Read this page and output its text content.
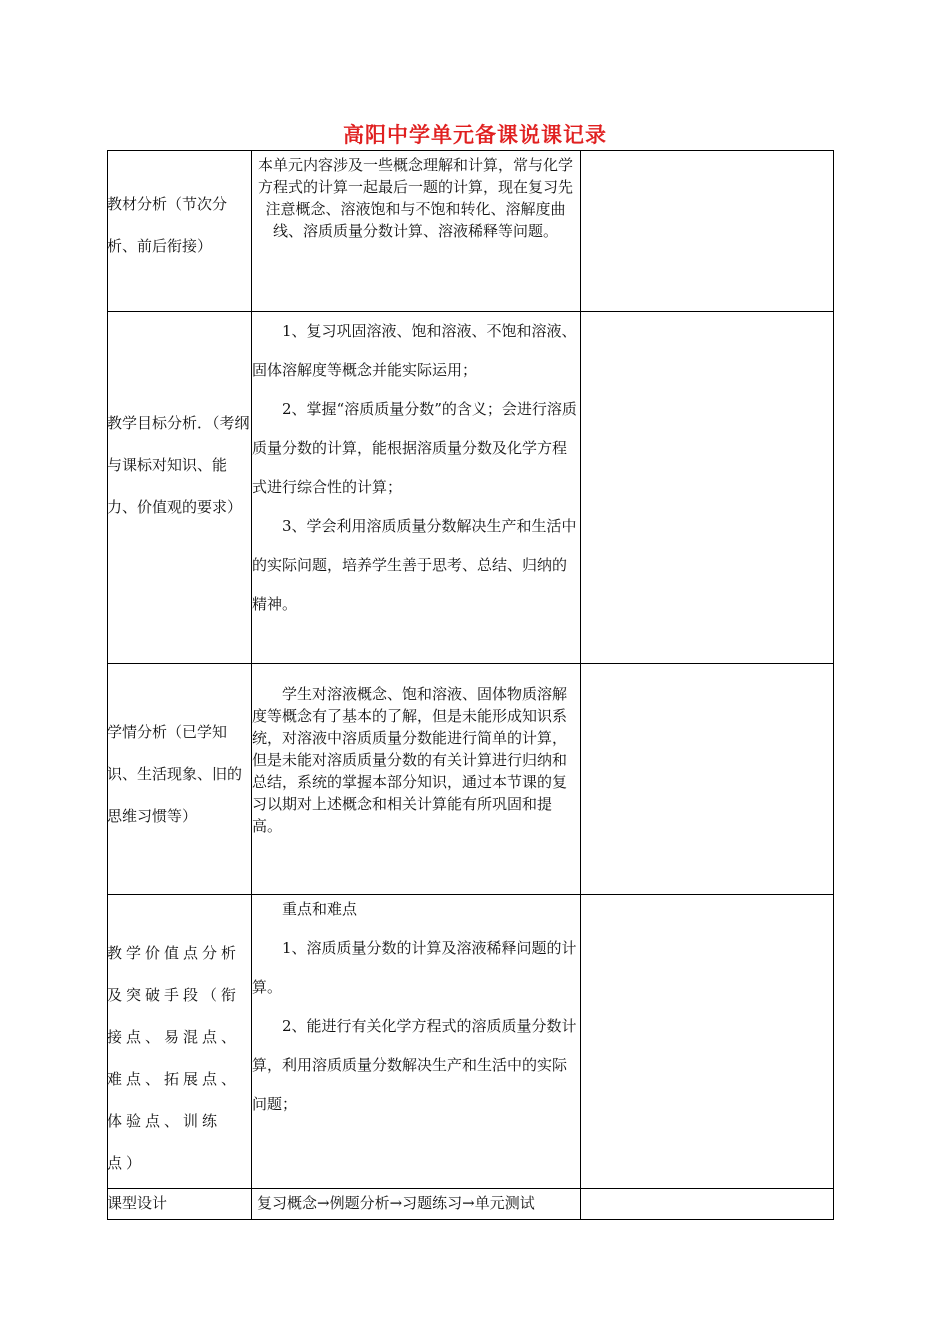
高阳中学单元备课说课记录
教材分析（节次分析、前后衔接）

本单元内容涉及一些概念理解和计算，常与化学方程式的计算一起最后一题的计算，现在复习先注意概念、溶液饱和与不饱和转化、溶解度曲线、溶质质量分数计算、溶液稀释等问题。

教学目标分析．（考纲与课标对知识、能力、价值观的要求）

1、复习巩固溶液、饱和溶液、不饱和溶液、固体溶解度等概念并能实际运用；

2、掌握“溶质质量分数”的含义；会进行溶质质量分数的计算，能根据溶质量分数及化学方程式进行综合性的计算；

3、学会利用溶质质量分数解决生产和生活中的实际问题，培养学生善于思考、总结、归纳的精神。

学情分析（已学知识、生活现象、旧的思维习惯等）

学生对溶液概念、饱和溶液、固体物质溶解度等概念有了基本的了解，但是未能形成知识系统，对溶液中溶质质量分数能进行简单的计算，但是未能对溶质质量分数的有关计算进行归纳和总结，系统的掌握本部分知识，通过本节课的复习以期对上述概念和相关计算能有所巩固和提高。

教学价值点分析及突破手段（衔接点、易混点、难点、拓展点、体验点、训练点）

重点和难点

1、溶质质量分数的计算及溶液稀释问题的计算。

2、能进行有关化学方程式的溶质质量分数计算，利用溶质质量分数解决生产和生活中的实际问题；

课型设计	复习概念→例题分析→习题练习→单元测试
